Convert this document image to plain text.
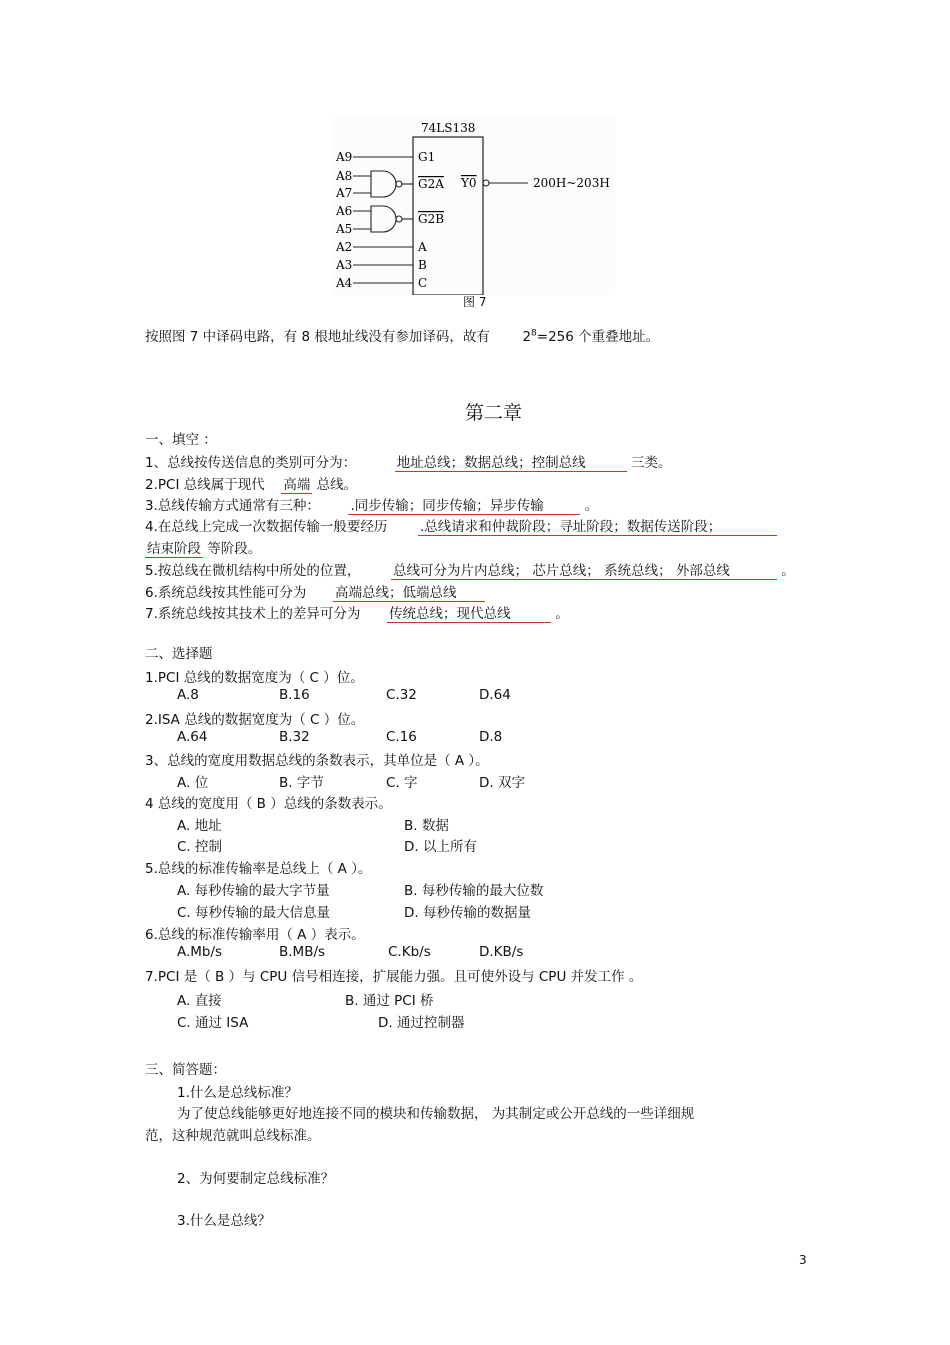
74LS138
A9
A8
A7
A6
A5
A2
A3
A4
G1
G2A
G2B
A
B
C
Y0	200H~203H
图 7
按照图 7 中译码电路，有 8 根地址线没有参加译码，故有 $2^8=256$ 个重叠地址。
第二章
一、填空 ：
1、总线按传送信息的类别可分为：	地址总线；数据总线；控制总线	三类。
2.PCI 总线属于现代 高端 总线。
3.总线传输方式通常有三种： .同步传输；同步传输；异步传输	。
4.在总线上完成一次数据传输一般要经历 .总线请求和仲裁阶段；寻址阶段；数据传送阶段；
结束阶段 等阶段。
5.按总线在微机结构中所处的位置， 总线可分为片内总线； 芯片总线； 系统总线； 外部总线	。
6.系统总线按其性能可分为 高端总线；低端总线
7.系统总线按其技术上的差异可分为 传统总线；现代总线	。
二、选择题
1.PCI 总线的数据宽度为（ C ）位。
A.8	B.16	C.32	D.64
2.ISA 总线的数据宽度为（ C ）位。
A.64	B.32	C.16	D.8
3、总线的宽度用数据总线的条数表示，其单位是（ A ）。
A. 位	B. 字节	C. 字	D. 双字
4 总线的宽度用（ B ）总线的条数表示。
A. 地址	B. 数据
C. 控制	D. 以上所有
5.总线的标准传输率是总线上（ A ）。
A. 每秒传输的最大字节量	B. 每秒传输的最大位数
C. 每秒传输的最大信息量	D. 每秒传输的数据量
6.总线的标准传输率用（ A ）表示。
A.Mb/s	B.MB/s	C.Kb/s	D.KB/s
7.PCI 是（ B ）与 CPU 信号相连接，扩展能力强。且可使外设与 CPU 并发工作 。
A. 直接	B. 通过 PCI 桥
C. 通过 ISA	D. 通过控制器
三、简答题：
1.什么是总线标准？
为了使总线能够更好地连接不同的模块和传输数据， 为其制定或公开总线的一些详细规
范，这种规范就叫总线标准。
2、为何要制定总线标准？
3.什么是总线？
3
